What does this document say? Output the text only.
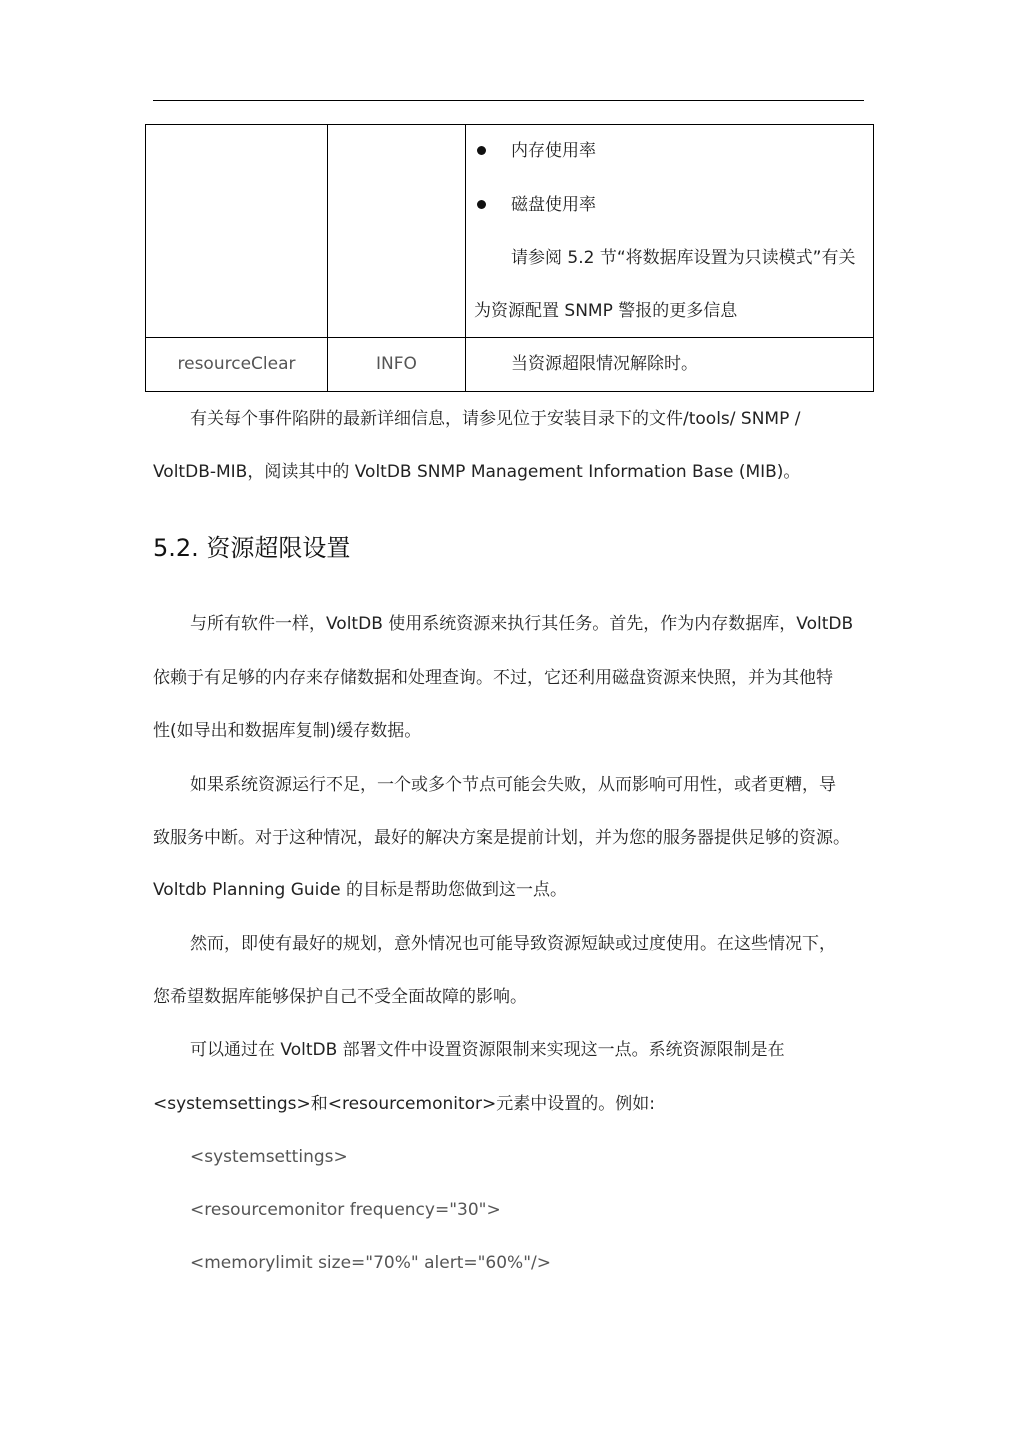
内存使用率
磁盘使用率
请参阅 5.2 节“将数据库设置为只读模式”有关
为资源配置 SNMP 警报的更多信息
resourceClear	INFO	当资源超限情况解除时。
有关每个事件陷阱的最新详细信息，请参见位于安装目录下的文件/tools/ SNMP /
VoltDB-MIB，阅读其中的 VoltDB SNMP Management Information Base (MIB)。
5.2. 资源超限设置
与所有软件一样，VoltDB 使用系统资源来执行其任务。首先，作为内存数据库，VoltDB
依赖于有足够的内存来存储数据和处理查询。不过，它还利用磁盘资源来快照，并为其他特
性(如导出和数据库复制)缓存数据。
如果系统资源运行不足，一个或多个节点可能会失败，从而影响可用性，或者更糟，导
致服务中断。对于这种情况，最好的解决方案是提前计划，并为您的服务器提供足够的资源。
Voltdb Planning Guide 的目标是帮助您做到这一点。
然而，即使有最好的规划，意外情况也可能导致资源短缺或过度使用。在这些情况下，
您希望数据库能够保护自己不受全面故障的影响。
可以通过在 VoltDB 部署文件中设置资源限制来实现这一点。系统资源限制是在
<systemsettings>和<resourcemonitor>元素中设置的。例如:
<systemsettings>
<resourcemonitor frequency="30">
<memorylimit size="70%" alert="60%"/>
